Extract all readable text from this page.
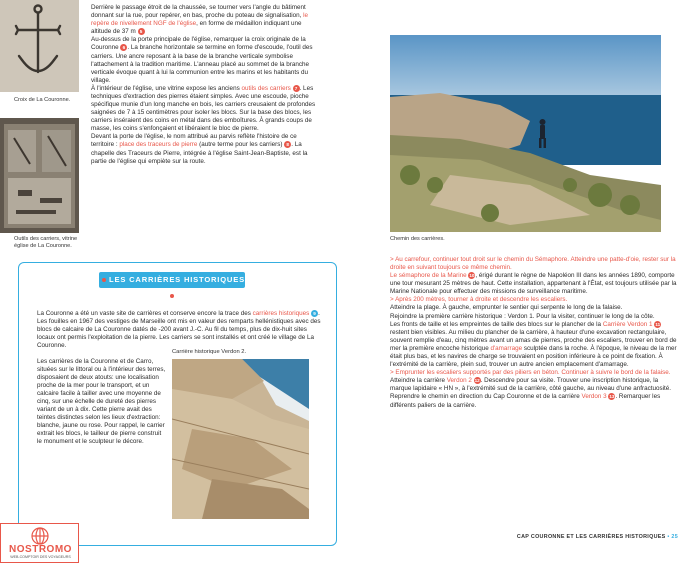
Croix de La Couronne.
Outils des carriers, vitrine église de La Couronne.

Derrière le passage étroit de la chaussée, se tourner vers l'angle du bâtiment donnant sur la rue, pour repérer, en bas, proche du poteau de signalisation, le repère de nivellement NGF de l'église, en forme de médaillon indiquant une altitude de 37 m 5

Au-dessus de la porte principale de l'église, remarquer la croix originale de la Couronne 6 . La branche horizontale se termine en forme d'escoude, l'outil des carriers. Une ancre reposant à la base de la branche verticale symbolise l'attachement à la tradition maritime. L'anneau placé au sommet de la branche verticale évoque quant à lui la communion entre les marins et les habitants du village.

À l'intérieur de l'église, une vitrine expose les anciens outils des carriers 7 . Les techniques d'extraction des pierres étaient simples. Avec une escoude, pioche spécifique munie d'un long manche en bois, les carriers creusaient de profondes saignées de 7 à 15 centimètres pour isoler les blocs. Sur la base des blocs, les carriers inséraient des coins en métal dans des emboîtures. À grands coups de masse, les coins s'enfonçaient et libéraient le bloc de pierre.

Devant la porte de l'église, le nom attribué au parvis reflète l'histoire de ce territoire : place des traceurs de pierre (autre terme pour les carriers) 8 . La chapelle des Traceurs de Pierre, intégrée à l'église Saint-Jean-Baptiste, est la partie de l'église qui empiète sur la route.

LES CARRIÈRES HISTORIQUES

La Couronne a été un vaste site de carrières et conserve encore la trace des carrières historiques 9 . Les fouilles en 1967 des vestiges de Marseille ont mis en valeur des remparts hellénistiques avec des blocs de calcaire de La Couronne datés de -200 avant J.-C. Au fil du temps, plus de dix-huit sites locaux ont permis l'exploitation de la pierre. Les carriers se sont installés et ont créé le village de La Couronne.

Carrière historique Verdon 2.

Les carrières de la Couronne et de Carro, situées sur le littoral ou à l'intérieur des terres, disposaient de deux atouts: une localisation proche de la mer pour le transport, et un calcaire facile à tailler avec une moyenne de cinq, sur une échelle de dureté des pierres variant de un à dix. Cette pierre avait des teintes distinctes selon les lieux d'extraction: blanche, jaune ou rose. Pour rappel, le carrier extrait les blocs, le tailleur de pierre construit le monument et le sculpteur le décore.

NOSTROMO
WEB-COMPTOIR DES VOYAGEURS
Chemin des carrières.

> Au carrefour, continuer tout droit sur le chemin du Sémaphore. Atteindre une patte-d'oie, rester sur la droite en suivant toujours ce même chemin.

Le sémaphore de la Marine 10, érigé durant le règne de Napoléon III dans les années 1890, comporte une tour mesurant 25 mètres de haut. Cette installation, appartenant à l'État, est toujours utilisée par la Marine Nationale pour effectuer des missions de surveillance maritime.

> Après 200 mètres, tourner à droite et descendre les escaliers.

Atteindre la plage. À gauche, emprunter le sentier qui serpente le long de la falaise.

Rejoindre la première carrière historique : Verdon 1. Pour la visiter, continuer le long de la côte.

Les fronts de taille et les empreintes de taille des blocs sur le plancher de la Carrière Verdon 1 11 restent bien visibles. Au milieu du plancher de la carrière, à hauteur d'une excavation rectangulaire, souvent remplie d'eau, cinq mètres avant un amas de pierres, proche des escaliers, trouver en bord de mer la première encoche historique d'amarrage sculptée dans la roche. À l'époque, le niveau de la mer était plus bas, et les navires de charge se trouvaient en position inférieure à ce point de fixation. À l'extrémité de la carrière, plein sud, trouver un autre ancien emplacement d'amarrage.

> Emprunter les escaliers supportés par des piliers en béton. Continuer à suivre le bord de la falaise.

Atteindre la carrière Verdon 2 12. Descendre pour sa visite. Trouver une inscription historique, la marque lapidaire « HN », à l'extrémité sud de la carrière, côté gauche, au niveau d'une anfractuosité.

Reprendre le chemin en direction du Cap Couronne et de la carrière Verdon 3 13. Remarquer les différents paliers de la carrière.

CAP COURONNE ET LES CARRIÈRES HISTORIQUES • 25
